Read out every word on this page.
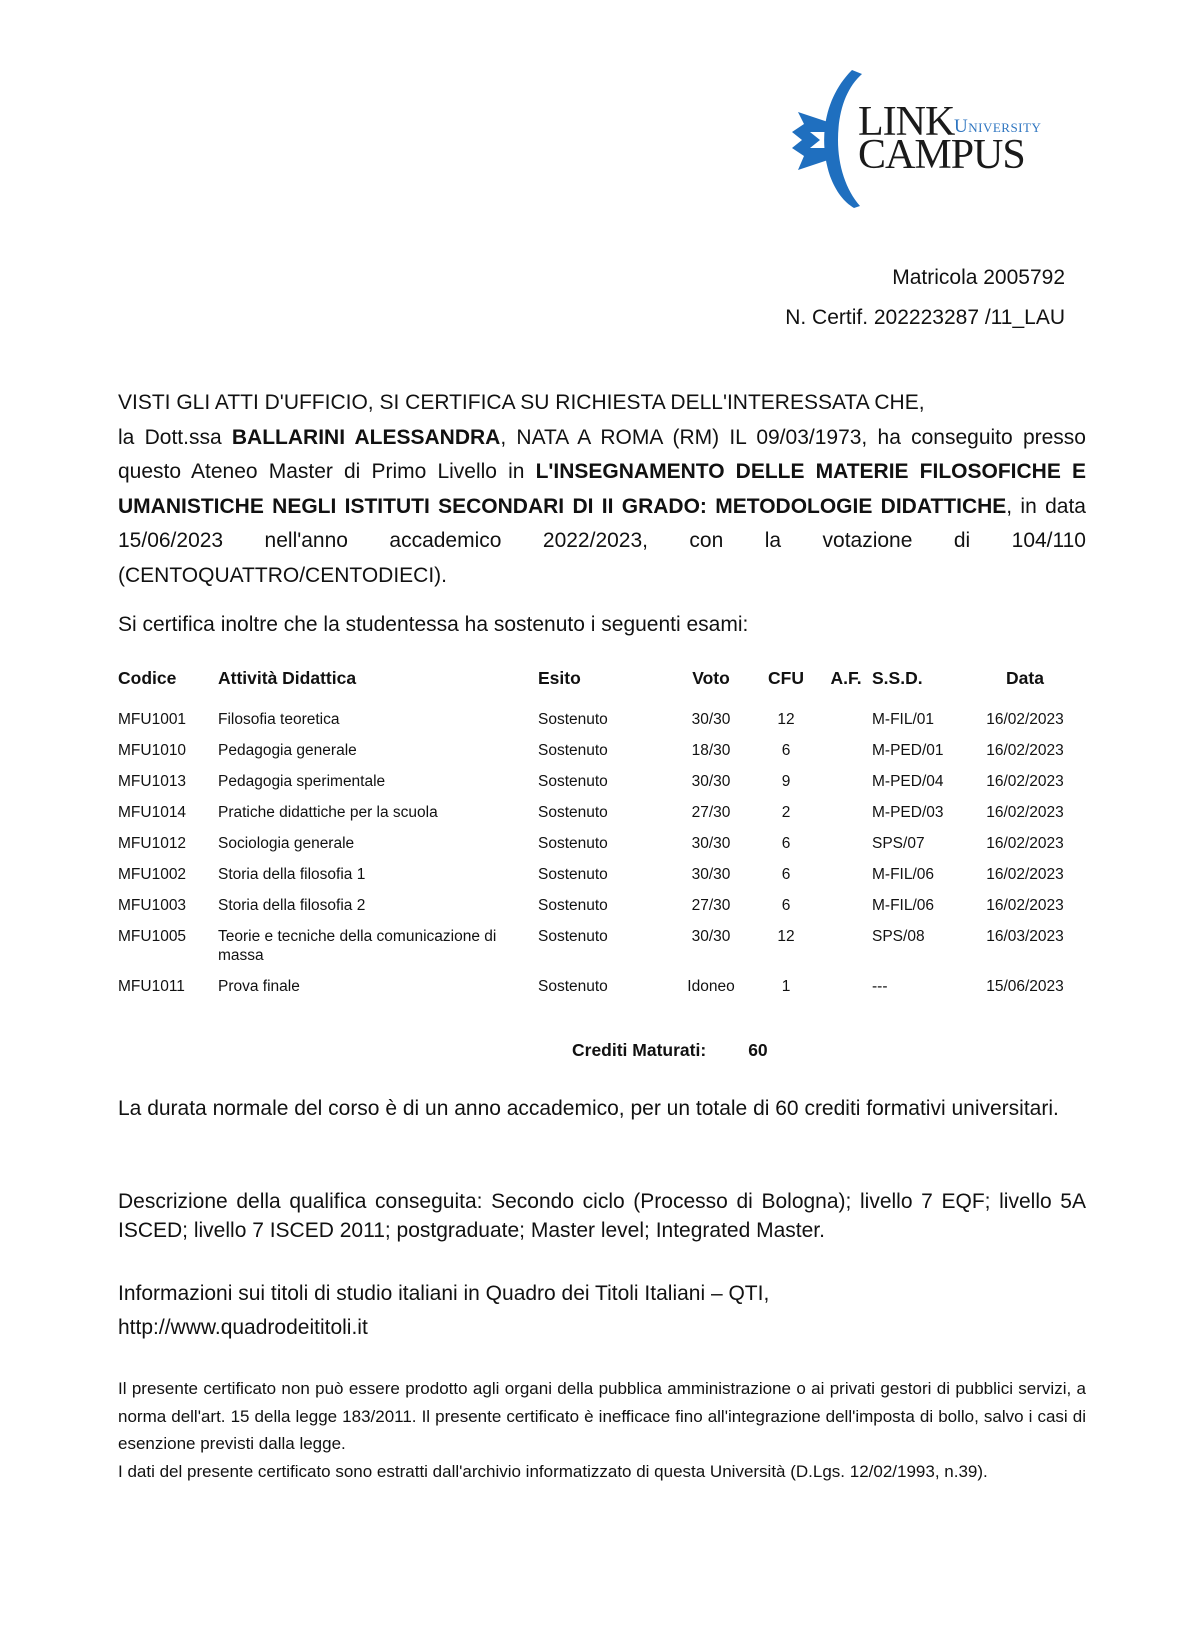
LINK
CAMPUS
University
Matricola 2005792
N. Certif. 202223287 /11_LAU
VISTI GLI ATTI D'UFFICIO, SI CERTIFICA SU RICHIESTA DELL'INTERESSATA CHE,
la Dott.ssa BALLARINI ALESSANDRA, NATA A ROMA (RM) IL 09/03/1973, ha conseguito presso questo Ateneo Master di Primo Livello in L'INSEGNAMENTO DELLE MATERIE FILOSOFICHE E UMANISTICHE NEGLI ISTITUTI SECONDARI DI II GRADO: METODOLOGIE DIDATTICHE, in data 15/06/2023 nell'anno accademico 2022/2023, con la votazione di 104/110 (CENTOQUATTRO/CENTODIECI).
Si certifica inoltre che la studentessa ha sostenuto i seguenti esami:
Codice	Attività Didattica	Esito	Voto	CFU	A.F.	S.S.D.	Data
MFU1001	Filosofia teoretica	Sostenuto	30/30	12		M-FIL/01	16/02/2023
MFU1010	Pedagogia generale	Sostenuto	18/30	6		M-PED/01	16/02/2023
MFU1013	Pedagogia sperimentale	Sostenuto	30/30	9		M-PED/04	16/02/2023
MFU1014	Pratiche didattiche per la scuola	Sostenuto	27/30	2		M-PED/03	16/02/2023
MFU1012	Sociologia generale	Sostenuto	30/30	6		SPS/07	16/02/2023
MFU1002	Storia della filosofia 1	Sostenuto	30/30	6		M-FIL/06	16/02/2023
MFU1003	Storia della filosofia 2	Sostenuto	27/30	6		M-FIL/06	16/02/2023
MFU1005	Teorie e tecniche della comunicazione di massa	Sostenuto	30/30	12		SPS/08	16/03/2023
MFU1011	Prova finale	Sostenuto	Idoneo	1		---	15/06/2023
Crediti Maturati: 60
La durata normale del corso è di un anno accademico, per un totale di 60 crediti formativi universitari.
Descrizione della qualifica conseguita: Secondo ciclo (Processo di Bologna); livello 7 EQF; livello 5A ISCED; livello 7 ISCED 2011; postgraduate; Master level; Integrated Master.
Informazioni sui titoli di studio italiani in Quadro dei Titoli Italiani – QTI,
http://www.quadrodeititoli.it

Il presente certificato non può essere prodotto agli organi della pubblica amministrazione o ai privati gestori di pubblici servizi, a norma dell'art. 15 della legge 183/2011. Il presente certificato è inefficace fino all'integrazione dell'imposta di bollo, salvo i casi di esenzione previsti dalla legge.

I dati del presente certificato sono estratti dall'archivio informatizzato di questa Università (D.Lgs. 12/02/1993, n.39).
